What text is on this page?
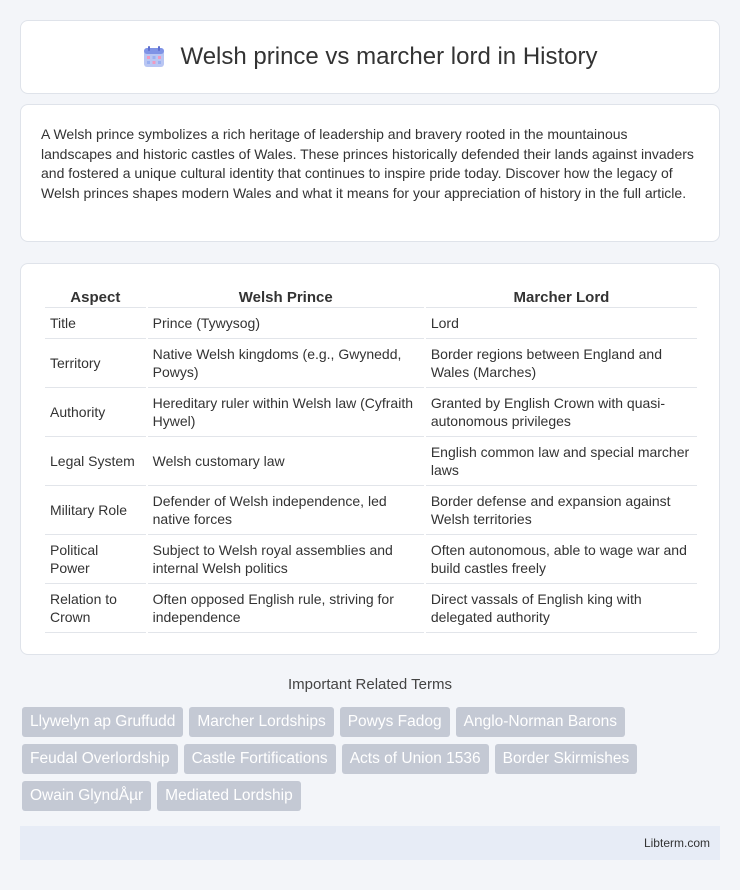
Welsh prince vs marcher lord in History

A Welsh prince symbolizes a rich heritage of leadership and bravery rooted in the mountainous landscapes and historic castles of Wales. These princes historically defended their lands against invaders and fostered a unique cultural identity that continues to inspire pride today. Discover how the legacy of Welsh princes shapes modern Wales and what it means for your appreciation of history in the full article.

Aspect	Welsh Prince	Marcher Lord
Title	Prince (Tywysog)	Lord
Territory	Native Welsh kingdoms (e.g., Gwynedd, Powys)	Border regions between England and Wales (Marches)
Authority	Hereditary ruler within Welsh law (Cyfraith Hywel)	Granted by English Crown with quasi-autonomous privileges
Legal System	Welsh customary law	English common law and special marcher laws
Military Role	Defender of Welsh independence, led native forces	Border defense and expansion against Welsh territories
Political Power	Subject to Welsh royal assemblies and internal Welsh politics	Often autonomous, able to wage war and build castles freely
Relation to Crown	Often opposed English rule, striving for independence	Direct vassals of English king with delegated authority
Important Related Terms
Llywelyn ap Gruffudd	Marcher Lordships	Powys Fadog	Anglo-Norman Barons
Feudal Overlordship	Castle Fortifications	Acts of Union 1536	Border Skirmishes
Owain GlyndÅµr	Mediated Lordship
Libterm.com
